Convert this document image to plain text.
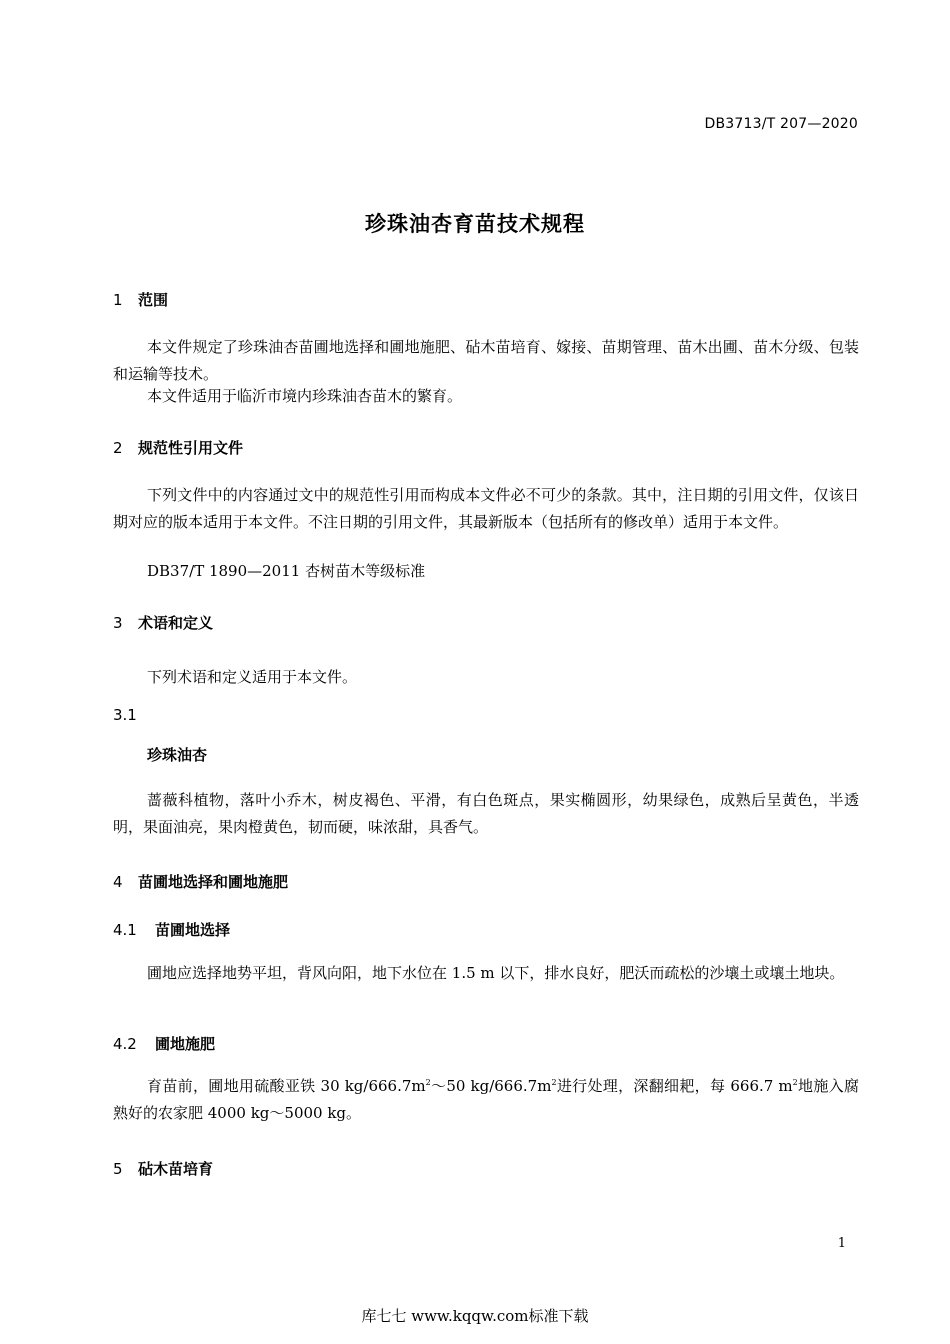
DB3713/T 207—2020
珍珠油杏育苗技术规程
1 范围
本文件规定了珍珠油杏苗圃地选择和圃地施肥、砧木苗培育、嫁接、苗期管理、苗木出圃、苗木分级、包装和运输等技术。
本文件适用于临沂市境内珍珠油杏苗木的繁育。
2 规范性引用文件
下列文件中的内容通过文中的规范性引用而构成本文件必不可少的条款。其中，注日期的引用文件，仅该日期对应的版本适用于本文件。不注日期的引用文件，其最新版本（包括所有的修改单）适用于本文件。
DB37/T 1890—2011 杏树苗木等级标准
3 术语和定义
下列术语和定义适用于本文件。
3.1
珍珠油杏
蔷薇科植物，落叶小乔木，树皮褐色、平滑，有白色斑点，果实椭圆形，幼果绿色，成熟后呈黄色，半透明，果面油亮，果肉橙黄色，韧而硬，味浓甜，具香气。
4 苗圃地选择和圃地施肥
4.1 苗圃地选择
圃地应选择地势平坦，背风向阳，地下水位在 1.5 m 以下，排水良好，肥沃而疏松的沙壤土或壤土地块。
4.2 圃地施肥
育苗前，圃地用硫酸亚铁 30 $kg/666.7m^2\sim 50$ $kg/666.7m^2$进行处理，深翻细耙，每 666.7 $m^2$地施入腐熟好的农家肥 4000 kg～5000 kg。
5 砧木苗培育
1
库七七 www.kqqw.com标准下载
